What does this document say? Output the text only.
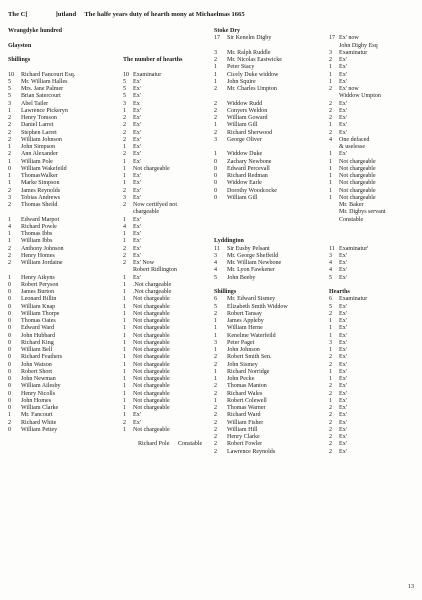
The C[	]utland The halfe years duty of hearth mony at Michaelmas 1665
Wrangdyke hundred
Glayston
Shillings	The number of hearths
10	Richard Fancourt Esq.	10 Examinatur
5	Mr. William Halles	5	Ex'
5	Mrs. Jane Palmer	5	Ex'
5	Brian Satercourt	5	Ex'
3	Abel Tailer	3	Ex
1	Lawrence Pickeryn	1	Ex'
2	Henry Tomson	2	Ex'
2	Daniel Larret	2	Ex'
2	Stephen Larret	2	Ex'
2	William Johnson	2	Ex'
1	John Simpson	1	Ex'
2	Ann Alexander	2	Ex'
1	William Pole	1	Ex'
0	William Wakefeild	1	Not chargeable
1	ThomasWalker	1	Ex'
1	Marke Simpson	1	Ex'
2	James Reynolds	2	Ex'
3	Tobias Andrews	3	Ex'
2	Thomas Sheild	2	Now certifyed not
chargeable
1	Edward Marpot	1	Ex'
4	Richard Powle	4	Ex'
1	Thomas Ibbs	1	Ex'
1	William Ibbs	1	Ex'
2	Anthony Johnson	2	Ex'
2	Henry Homes	2	Ex'
2	William Jordaine	2	Ex' Now
Robert Ridlington
1	Henry Atkyns	1	Ex'
0	Robert Peryson	1	.Not chargeable
0	James Burton	1	.Not chargeable
0	Leonard Billin	1	Not chargeable
0	William Knap	1	Not chargeable
0	William Thorpe	1	Not chargeable
0	Thomas Oates	1	Not chargeable
0	Edward Ward	1	Not chargeable
0	John Hubbard	1	Not chargeable
0	Richard King	1	Not chargeable
0	William Bell	1	Not chargeable
0	Richard Feathers	1	Not chargeable
0	John Watson	1	Not chargeable
0	Robert Short	1	Not chargeable
0	John Newman	1	Not chargeable
0	William Ailesby	1	Not chargeable
0	Henry Nicolls	1	Not chargeable
0	John Homes	1	Not chargeable
0	William Clarke	1	Not chargeable
1	Mr. Fancourt	1	Ex'
2	Richard White	2	Ex'
0	William Pettey	1	Not chargeable
Richard Pole Constable
Stoke Dry
17	Sir Kenelm Digby	17 Ex' now
John Digby Esq
3	Mr. Ralph Ruddle	3	Examinatur
2	Mr. Nicolas Eastwicke	2	Ex'
1	Peter Stacy	1	Ex'
1	Cicely Duke widdow	1	Ex'
1	John Squire	1	Ex'
2	Mr. Charles Umpton	2	Ex' now
Widdow Umpton
2	Widdow Rudd	2	Ex'
2	Conyers Weldon	2	Ex'
2	William Goward	2	Ex'
1	William Gill	1	Ex'
2	Richard Sherwood	2	Ex'
3	George Oliver	4	One defaced
& uselesse
1	Widdow Duke	1	Ex'
0	Zachary Newbone	1	Not chargeable
0	Edward Percevall	1	Not chargeable
0	Richard Redman	1	Not chargeable
0	Widdow Earle	1	Not chargeable
0	Dorothy Woodcocke	1	Not chargeable
0	William Gill	1	Not chargeable
Mr. Baker
Mr. Digbys servant
Constable
Lyddington
11	Sir Eusby Pelsant	11 Examinatur'
3	Mr. George Sheffeild	3	Ex'
4	Mr. William Newbone	4	Ex'
4	Mr. Lyon Fawkener	4	Ex'
5	John Beeby	5	Ex'
Shillings	Hearths
6	Mr. Edward Sismey	6	Examinatur
5	Elizabeth Smith Widdow	5	Ex'
2	Robert Tansay	2	Ex'
1	James Appleby	1	Ex'
1	William Herne	1	Ex'
1	Kenelme Waterfeild	1	Ex'
3	Peter Paget	3	Ex'
1	John Johnson	1	Ex'
2	Robert Smith Sen.	2	Ex'
2	John Sismey	2	Ex'
1	Richard Norridge	1	Ex'
1	John Pecke	1	Ex'
2	Thomas Manton	2	Ex'
2	Richard Wales	2	Ex'
1	Robert Colewell	1	Ex'
2	Thomas Warner	2	Ex'
2	Richard Ward	2	Ex'
2	William Fisher	2	Ex'
2	William Hill	2	Ex'
2	Henry Clarke	2	Ex'
2	Robert Fowler	2	Ex'
2	Lawrence Reynolds	2	Ex'
13
